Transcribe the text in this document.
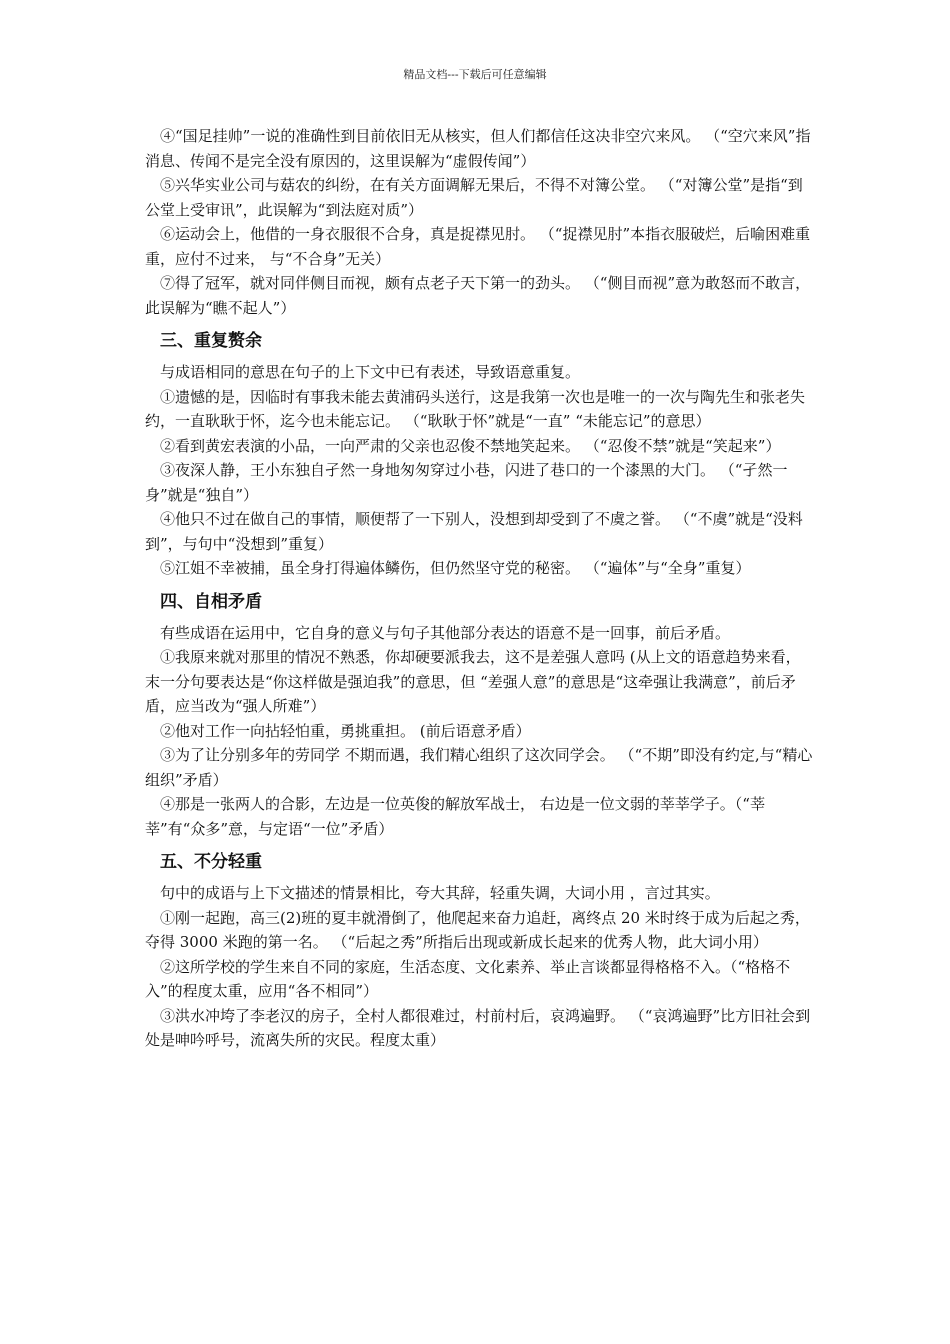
精品文档---下载后可任意编辑

④“国足挂帅”一说的准确性到目前依旧无从核实，但人们都信任这决非空穴来风。 （“空穴来风”指消息、传闻不是完全没有原因的，这里误解为“虚假传闻”）

⑤兴华实业公司与菇农的纠纷，在有关方面调解无果后，不得不对簿公堂。 （“对簿公堂”是指“到公堂上受审讯”，此误解为“到法庭对质”）

⑥运动会上，他借的一身衣服很不合身，真是捉襟见肘。 （“捉襟见肘”本指衣服破烂，后喻困难重重，应付不过来， 与“不合身”无关）

⑦得了冠军，就对同伴侧目而视，颇有点老子天下第一的劲头。 （“侧目而视”意为敢怒而不敢言，此误解为“瞧不起人”）

三、重复赘余

与成语相同的意思在句子的上下文中已有表述，导致语意重复。

①遗憾的是，因临时有事我未能去黄浦码头送行，这是我第一次也是唯一的一次与陶先生和张老失约，一直耿耿于怀，迄今也未能忘记。 （“耿耿于怀”就是“一直” “未能忘记”的意思）

②看到黄宏表演的小品，一向严肃的父亲也忍俊不禁地笑起来。 （“忍俊不禁”就是“笑起来”）

③夜深人静，王小东独自孑然一身地匆匆穿过小巷，闪进了巷口的一个漆黑的大门。 （“孑然一身”就是“独自”）

④他只不过在做自己的事情，顺便帮了一下别人，没想到却受到了不虞之誉。 （“不虞”就是“没料到”，与句中“没想到”重复）

⑤江姐不幸被捕，虽全身打得遍体鳞伤，但仍然坚守党的秘密。 （“遍体”与“全身”重复）

四、自相矛盾

有些成语在运用中，它自身的意义与句子其他部分表达的语意不是一回事，前后矛盾。

①我原来就对那里的情况不熟悉，你却硬要派我去，这不是差强人意吗 (从上文的语意趋势来看，末一分句要表达是“你这样做是强迫我”的意思，但 “差强人意”的意思是“这牵强让我满意”，前后矛盾，应当改为“强人所难”）

②他对工作一向拈轻怕重，勇挑重担。 (前后语意矛盾）

③为了让分别多年的劳同学 不期而遇，我们精心组织了这次同学会。 （“不期”即没有约定,与“精心组织”矛盾）

④那是一张两人的合影，左边是一位英俊的解放军战士， 右边是一位文弱的莘莘学子。（“莘莘”有“众多”意，与定语“一位”矛盾）

五、不分轻重

句中的成语与上下文描述的情景相比，夸大其辞，轻重失调，大词小用 ，言过其实。

①刚一起跑，高三(2)班的夏丰就滑倒了，他爬起来奋力追赶，离终点 20 米时终于成为后起之秀，夺得 3000 米跑的第一名。 （“后起之秀”所指后出现或新成长起来的优秀人物，此大词小用）

②这所学校的学生来自不同的家庭，生活态度、文化素养、举止言谈都显得格格不入。（“格格不入”的程度太重，应用“各不相同”）

③洪水冲垮了李老汉的房子，全村人都很难过，村前村后，哀鸿遍野。 （“哀鸿遍野”比方旧社会到处是呻吟呼号，流离失所的灾民。程度太重）
